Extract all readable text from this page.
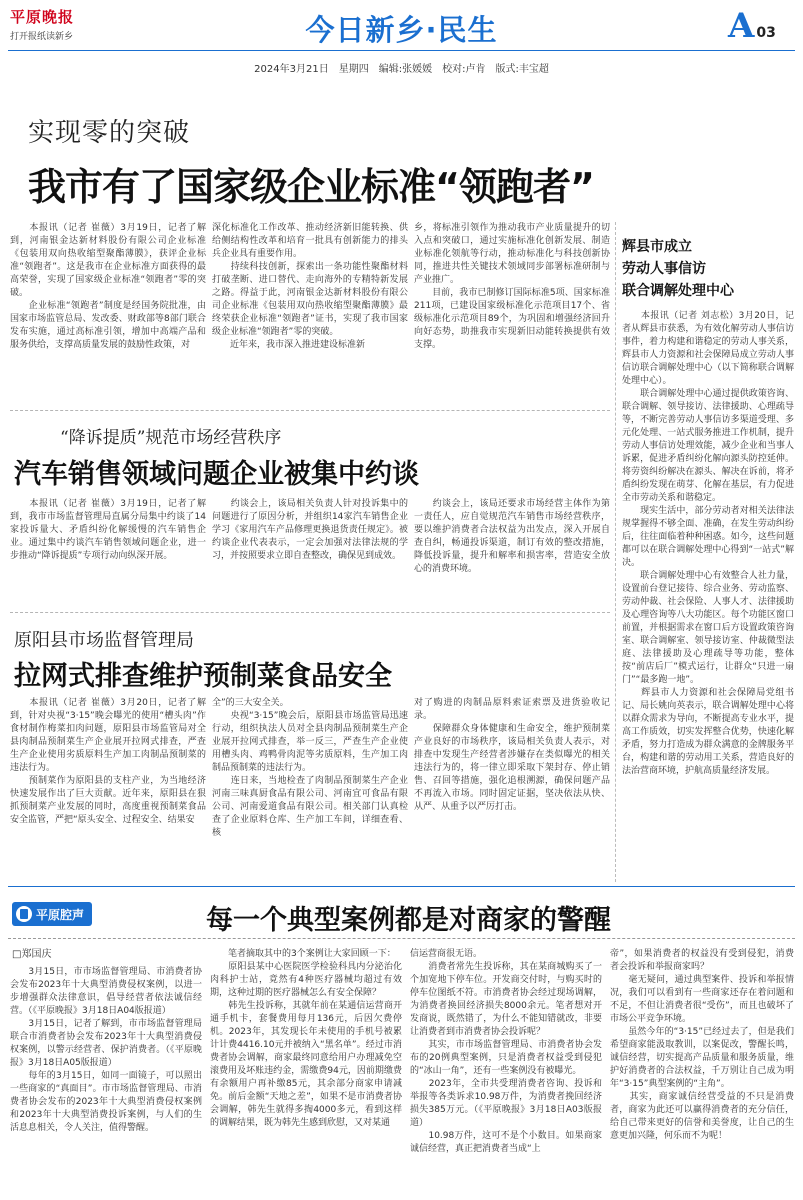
平原晚报
打开报纸读新乡	今日新乡·民生	A 03
2024年3月21日　星期四　编辑:张媛媛　校对:卢肯　版式:丰宝超
实现零的突破
我市有了国家级企业标准“领跑者”
　　本报讯（记者 崔薇）3月19日，记者了解到，河南银金达新材料股份有限公司企业标准《包装用双向热收缩型聚酯薄膜》，获评企业标准“领跑者”。这是我市在企业标准方面获得的最高荣誉，实现了国家级企业标准“领跑者”零的突破。
　　企业标准“领跑者”制度是经国务院批准，由国家市场监管总局、发改委、财政部等8部门联合发布实施，通过高标准引领，增加中高端产品和服务供给，支撑高质量发展的鼓励性政策，对
深化标准化工作改革、推动经济新旧能转换、供给侧结构性改革和培育一批具有创新能力的排头兵企业具有重要作用。
　　持续科技创新，探索出一条功能性聚酯材料打破垄断、进口替代、走向海外的专精特新发展之路。得益于此，河南银金达新材料股份有限公司企业标准《包装用双向热收缩型聚酯薄膜》最终荣获企业标准“领跑者”证书，实现了我市国家级企业标准“领跑者”零的突破。
　　近年来，我市深入推进建设标准新
乡，将标准引领作为推动我市产业质量提升的切入点和突破口，通过实施标准化创新发展、制造业标准化领航等行动，推动标准化与科技创新协同，推进共性关键技术领域同步部署标准研制与产业推广。
　　目前，我市已制修订国际标准5项、国家标准211项，已建设国家级标准化示范项目17个、省级标准化示范项目89个，为巩固和增强经济回升向好态势，助推我市实现新旧动能转换提供有效支撑。
辉县市成立
劳动人事信访
联合调解处理中心
　　本报讯（记者 刘志松）3月20日，记者从辉县市获悉，为有效化解劳动人事信访事件，着力构建和谐稳定的劳动人事关系，辉县市人力资源和社会保障局成立劳动人事信访联合调解处理中心（以下简称联合调解处理中心）。
　　联合调解处理中心通过提供政策咨询、联合调解、领导接访、法律援助、心理疏导等，不断完善劳动人事信访多渠道受理、多元化处理、一站式服务推进工作机制，提升劳动人事信访处理效能，减少企业和当事人诉累，促进矛盾纠纷化解向源头防控延伸。将劳资纠纷解决在源头、解决在诉前，将矛盾纠纷发现在萌芽、化解在基层，有力促进全市劳动关系和谐稳定。
　　现实生活中，部分劳动者对相关法律法规掌握得不够全面、准确，在发生劳动纠纷后，往往面临着种种困惑。如今，这些问题都可以在联合调解处理中心得到“一站式”解决。
　　联合调解处理中心有效整合人社力量，设置前台登记接待、综合业务、劳动监察、劳动仲裁、社会保险、人事人才、法律援助及心理咨询等八大功能区。每个功能区窗口前置，并根据需求在窗口后方设置政策咨询室、联合调解室、领导接访室、仲裁微型法庭、法律援助及心理疏导等功能，整体按“前店后厂”模式运行，让群众“只进一扇门”“最多跑一地”。
　　辉县市人力资源和社会保障局党组书记、局长姚向英表示，联合调解处理中心将以群众需求为导向，不断提高专业水平，提高工作质效，切实发挥整合优势，快速化解矛盾，努力打造成为群众满意的金牌服务平台，构建和谐的劳动用工关系，营造良好的法治营商环境，护航高质量经济发展。
“降诉提质”规范市场经营秩序
汽车销售领域问题企业被集中约谈
　　本报讯（记者 崔薇）3月19日，记者了解到，我市市场监督管理局直属分局集中约谈了14家投诉量大、矛盾纠纷化解缓慢的汽车销售企业。通过集中约谈汽车销售领域问题企业，进一步推动“降诉提质”专项行动向纵深开展。
　　约谈会上，该局相关负责人针对投诉集中的问题进行了原因分析，并组织14家汽车销售企业学习《家用汽车产品修理更换退货责任规定》。被约谈企业代表表示，一定会加强对法律法规的学习，并按照要求立即自查整改，确保见到成效。
　　约谈会上，该局还要求市场经营主体作为第一责任人，应自觉规范汽车销售市场经营秩序，要以维护消费者合法权益为出发点，深入开展自查自纠，畅通投诉渠道，制订有效的整改措施，降低投诉量，提升和解率和损害率，营造安全放心的消费环境。
原阳县市场监督管理局
拉网式排查维护预制菜食品安全
　　本报讯（记者 崔薇）3月20日，记者了解到，针对央视“3·15”晚会曝光的使用“槽头肉”作食材制作梅菜扣肉问题，原阳县市场监管局对全县肉制品预制菜生产企业展开拉网式排查，严查生产企业使用劣质原料生产加工肉制品预制菜的违法行为。
　　预制菜作为原阳县的支柱产业，为当地经济快速发展作出了巨大贡献。近年来，原阳县在狠抓预制菜产业发展的同时，高度重视预制菜食品安全监管，严把“原头安全、过程安全、结果安
全”的三大安全关。
　　央视“3·15”晚会后，原阳县市场监管局迅速行动，组织执法人员对全县肉制品预制菜生产企业展开拉网式排查，举一反三，严查生产企业使用槽头肉、鸡鸭骨肉泥等劣质原料，生产加工肉制品预制菜的违法行为。
　　连日来，当地检查了肉制品预制菜生产企业河南三味真厨食品有限公司、河南宜可食品有限公司、河南爱道食品有限公司。相关部门认真检查了企业原料仓库、生产加工车间，详细查看、核
对了购进的肉制品原料索证索票及进货验收记录。
　　保障群众身体健康和生命安全，维护预制菜产业良好的市场秩序，该局相关负责人表示，对排查中发现生产经营者涉嫌存在类似曝光的相关违法行为的，将一律立即采取下架封存、停止销售、召回等措施，强化追根溯源，确保问题产品不再流入市场。同时固定证据，坚决依法从快、从严、从重予以严厉打击。
平原腔声	每一个典型案例都是对商家的警醒
□郑国庆
　　3月15日，市市场监督管理局、市消费者协会发布2023年十大典型消费侵权案例，以进一步增强群众法律意识，倡导经营者依法诚信经营。（《平原晚报》3月18日A04版报道）
　　3月15日，记者了解到，市市场监督管理局联合市消费者协会发布2023年十大典型消费侵权案例，以警示经营者、保护消费者。（《平原晚报》3月18日A05版报道）
　　每年的3月15日，如同一面镜子，可以照出一些商家的“真面目”。市市场监督管理局、市消费者协会发布的2023年十大典型消费侵权案例和2023年十大典型消费投诉案例，与人们的生活息息相关，令人关注，值得警醒。
　　笔者摘取其中的3个案例让大家回顾一下：
　　原阳县某中心医院医学检验科具内分泌治化肉科护士站，竟然有4种医疗器械均超过有效期，这种过期的医疗器械怎么有安全保障？
　　韩先生投诉称，其就年前在某通信运营商开通手机卡，套餐费用每月136元，后因欠费停机。2023年，其发现长年未使用的手机号被累计计费4416.10元并被纳入“黑名单”。经过市消费者协会调解，商家最终同意给用户办理减免空滚费用及坏账违约金，需缴费94元，因前期缴费有余额用户再补缴85元，其余部分商家申请减免。前后金额“天地之差”，如果不是市消费者协会调解，韩先生就得多掏4000多元，看到这样的调解结果，既为韩先生感到欣慰，又对某通
信运营商很无语。
　　消费者常先生投诉称，其在某商城购买了一个加宽地下停车位。开发商交付时，与购买时的停车位图纸不符。市消费者协会经过现场调解，为消费者换回经济损失8000余元。笔者想对开发商说，既然错了，为什么不能知错就改，非要让消费者到市消费者协会投诉呢？
　　其实，市市场监督管理局、市消费者协会发布的20例典型案例，只是消费者权益受到侵犯的“冰山一角”，还有一些案例没有被曝光。
　　2023年，全市共受理消费者咨询、投诉和举报等各类诉求10.98万件，为消费者挽回经济损失385万元。（《平原晚报》3月18日A03版报道）
　　10.98万件，这可不是个小数目。如果商家诚信经营，真正把消费者当成“上
帝”，如果消费者的权益没有受到侵犯，消费者会投诉和举报商家吗？
　　毫无疑问，通过典型案件、投诉和举报情况，我们可以看到有一些商家还存在着问题和不足，不但让消费者很“受伤”，而且也破坏了市场公平竞争环境。
　　虽然今年的“3·15”已经过去了，但是我们希望商家能汲取教训，以案促改，警醒长鸣，诚信经营，切实提高产品质量和服务质量，维护好消费者的合法权益，千万别让自己成为明年“3·15”典型案例的“主角”。
　　其实，商家诚信经营受益的不只是消费者，商家为此还可以赢得消费者的充分信任，给自己带来更好的信誉和美誉度，让自己的生意更加兴隆，何乐而不为呢！
